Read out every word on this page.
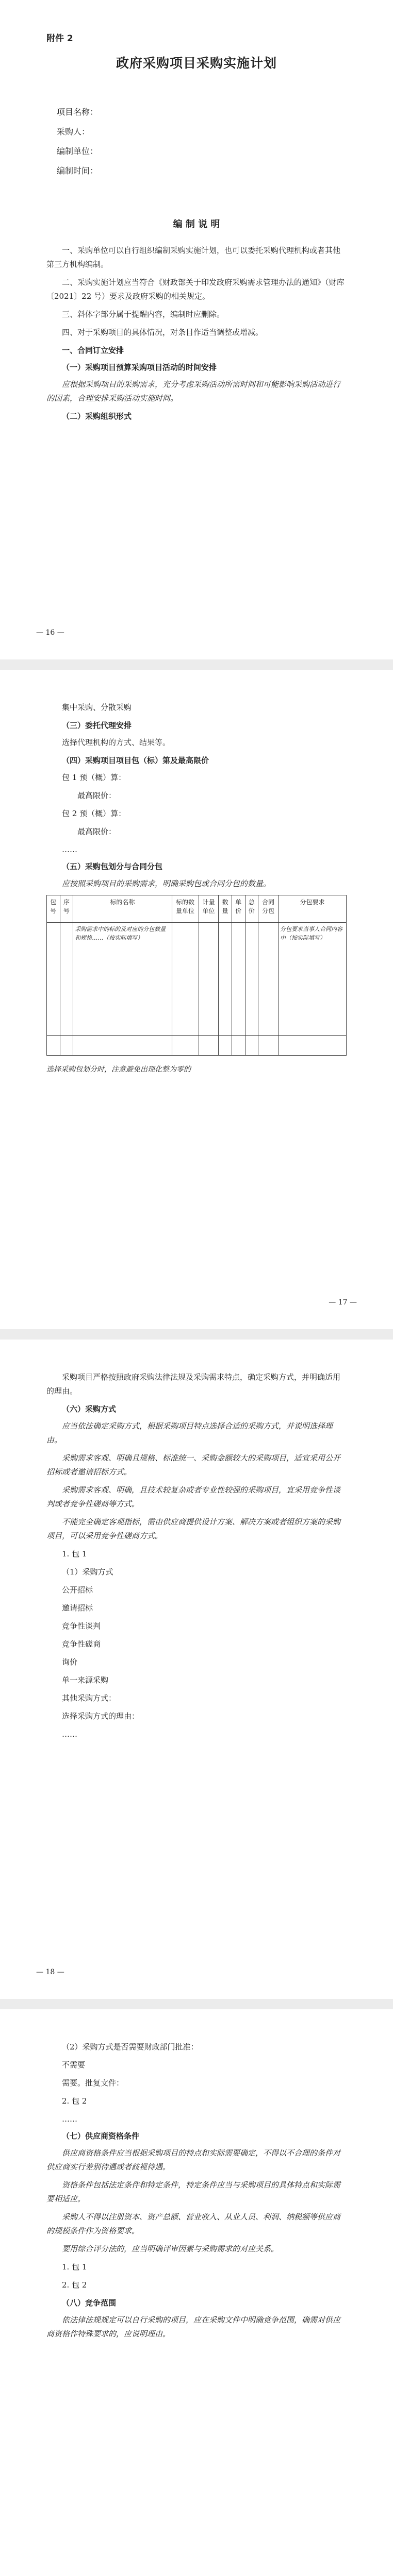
附件 2
政府采购项目采购实施计划
项目名称：
采购人：
编制单位：
编制时间：
编 制 说 明

一、采购单位可以自行组织编制采购实施计划，也可以委托采购代理机构或者其他第三方机构编制。

二、采购实施计划应当符合《财政部关于印发政府采购需求管理办法的通知》（财库〔2021〕22 号）要求及政府采购的相关规定。

三、斜体字部分属于提醒内容，编制时应删除。

四、对于采购项目的具体情况，对条目作适当调整或增减。

一、合同订立安排
（一）采购项目预算采购项目活动的时间安排

应根据采购项目的采购需求，充分考虑采购活动所需时间和可能影响采购活动进行的因素，合理安排采购活动实施时间。

（二）采购组织形式
— 16 —

集中采购、分散采购

（三）委托代理安排

选择代理机构的方式、结果等。

（四）采购项目项目包（标）第及最高限价

包 1 预（概）算：

最高限价：

包 2 预（概）算：

最高限价：

……
（五）采购包划分与合同分包

应按照采购项目的采购需求，明确采购包或合同分包的数量。

包号	序号	标的名称	标的数量单位	计量单位	数量	单价	总价	合同分包	分包要求
		采购需求中的标的及对应的分包数量和规格……（按实际填写）							分包要求当事人合同内容中（按实际填写）

选择采购包划分时，注意避免出现化整为零的
— 17 —

采购项目严格按照政府采购法律法规及采购需求特点，确定采购方式，并明确适用的理由。

（六）采购方式

应当依法确定采购方式，根据采购项目特点选择合适的采购方式，并说明选择理由。

采购需求客观、明确且规格、标准统一、采购金额较大的采购项目，适宜采用公开招标或者邀请招标方式。

采购需求客观、明确，且技术较复杂或者专业性较强的采购项目，宜采用竞争性谈判或者竞争性磋商等方式。

不能完全确定客观指标，需由供应商提供设计方案、解决方案或者组织方案的采购项目，可以采用竞争性磋商方式。

1. 包 1

（1）采购方式

公开招标

邀请招标

竞争性谈判

竞争性磋商

询价

单一来源采购

其他采购方式：

选择采购方式的理由：

……
— 18 —

（2）采购方式是否需要财政部门批准：

不需要

需要。批复文件：

2. 包 2

……
（七）供应商资格条件

供应商资格条件应当根据采购项目的特点和实际需要确定，不得以不合理的条件对供应商实行差别待遇或者歧视待遇。

资格条件包括法定条件和特定条件，特定条件应当与采购项目的具体特点和实际需要相适应。

采购人不得以注册资本、资产总额、营业收入、从业人员、利润、纳税额等供应商的规模条件作为资格要求。

要用综合评分法的，应当明确评审因素与采购需求的对应关系。

1. 包 1

2. 包 2

（八）竞争范围

依法律法规规定可以自行采购的项目，应在采购文件中明确竞争范围，确需对供应商资格作特殊要求的，应说明理由。
